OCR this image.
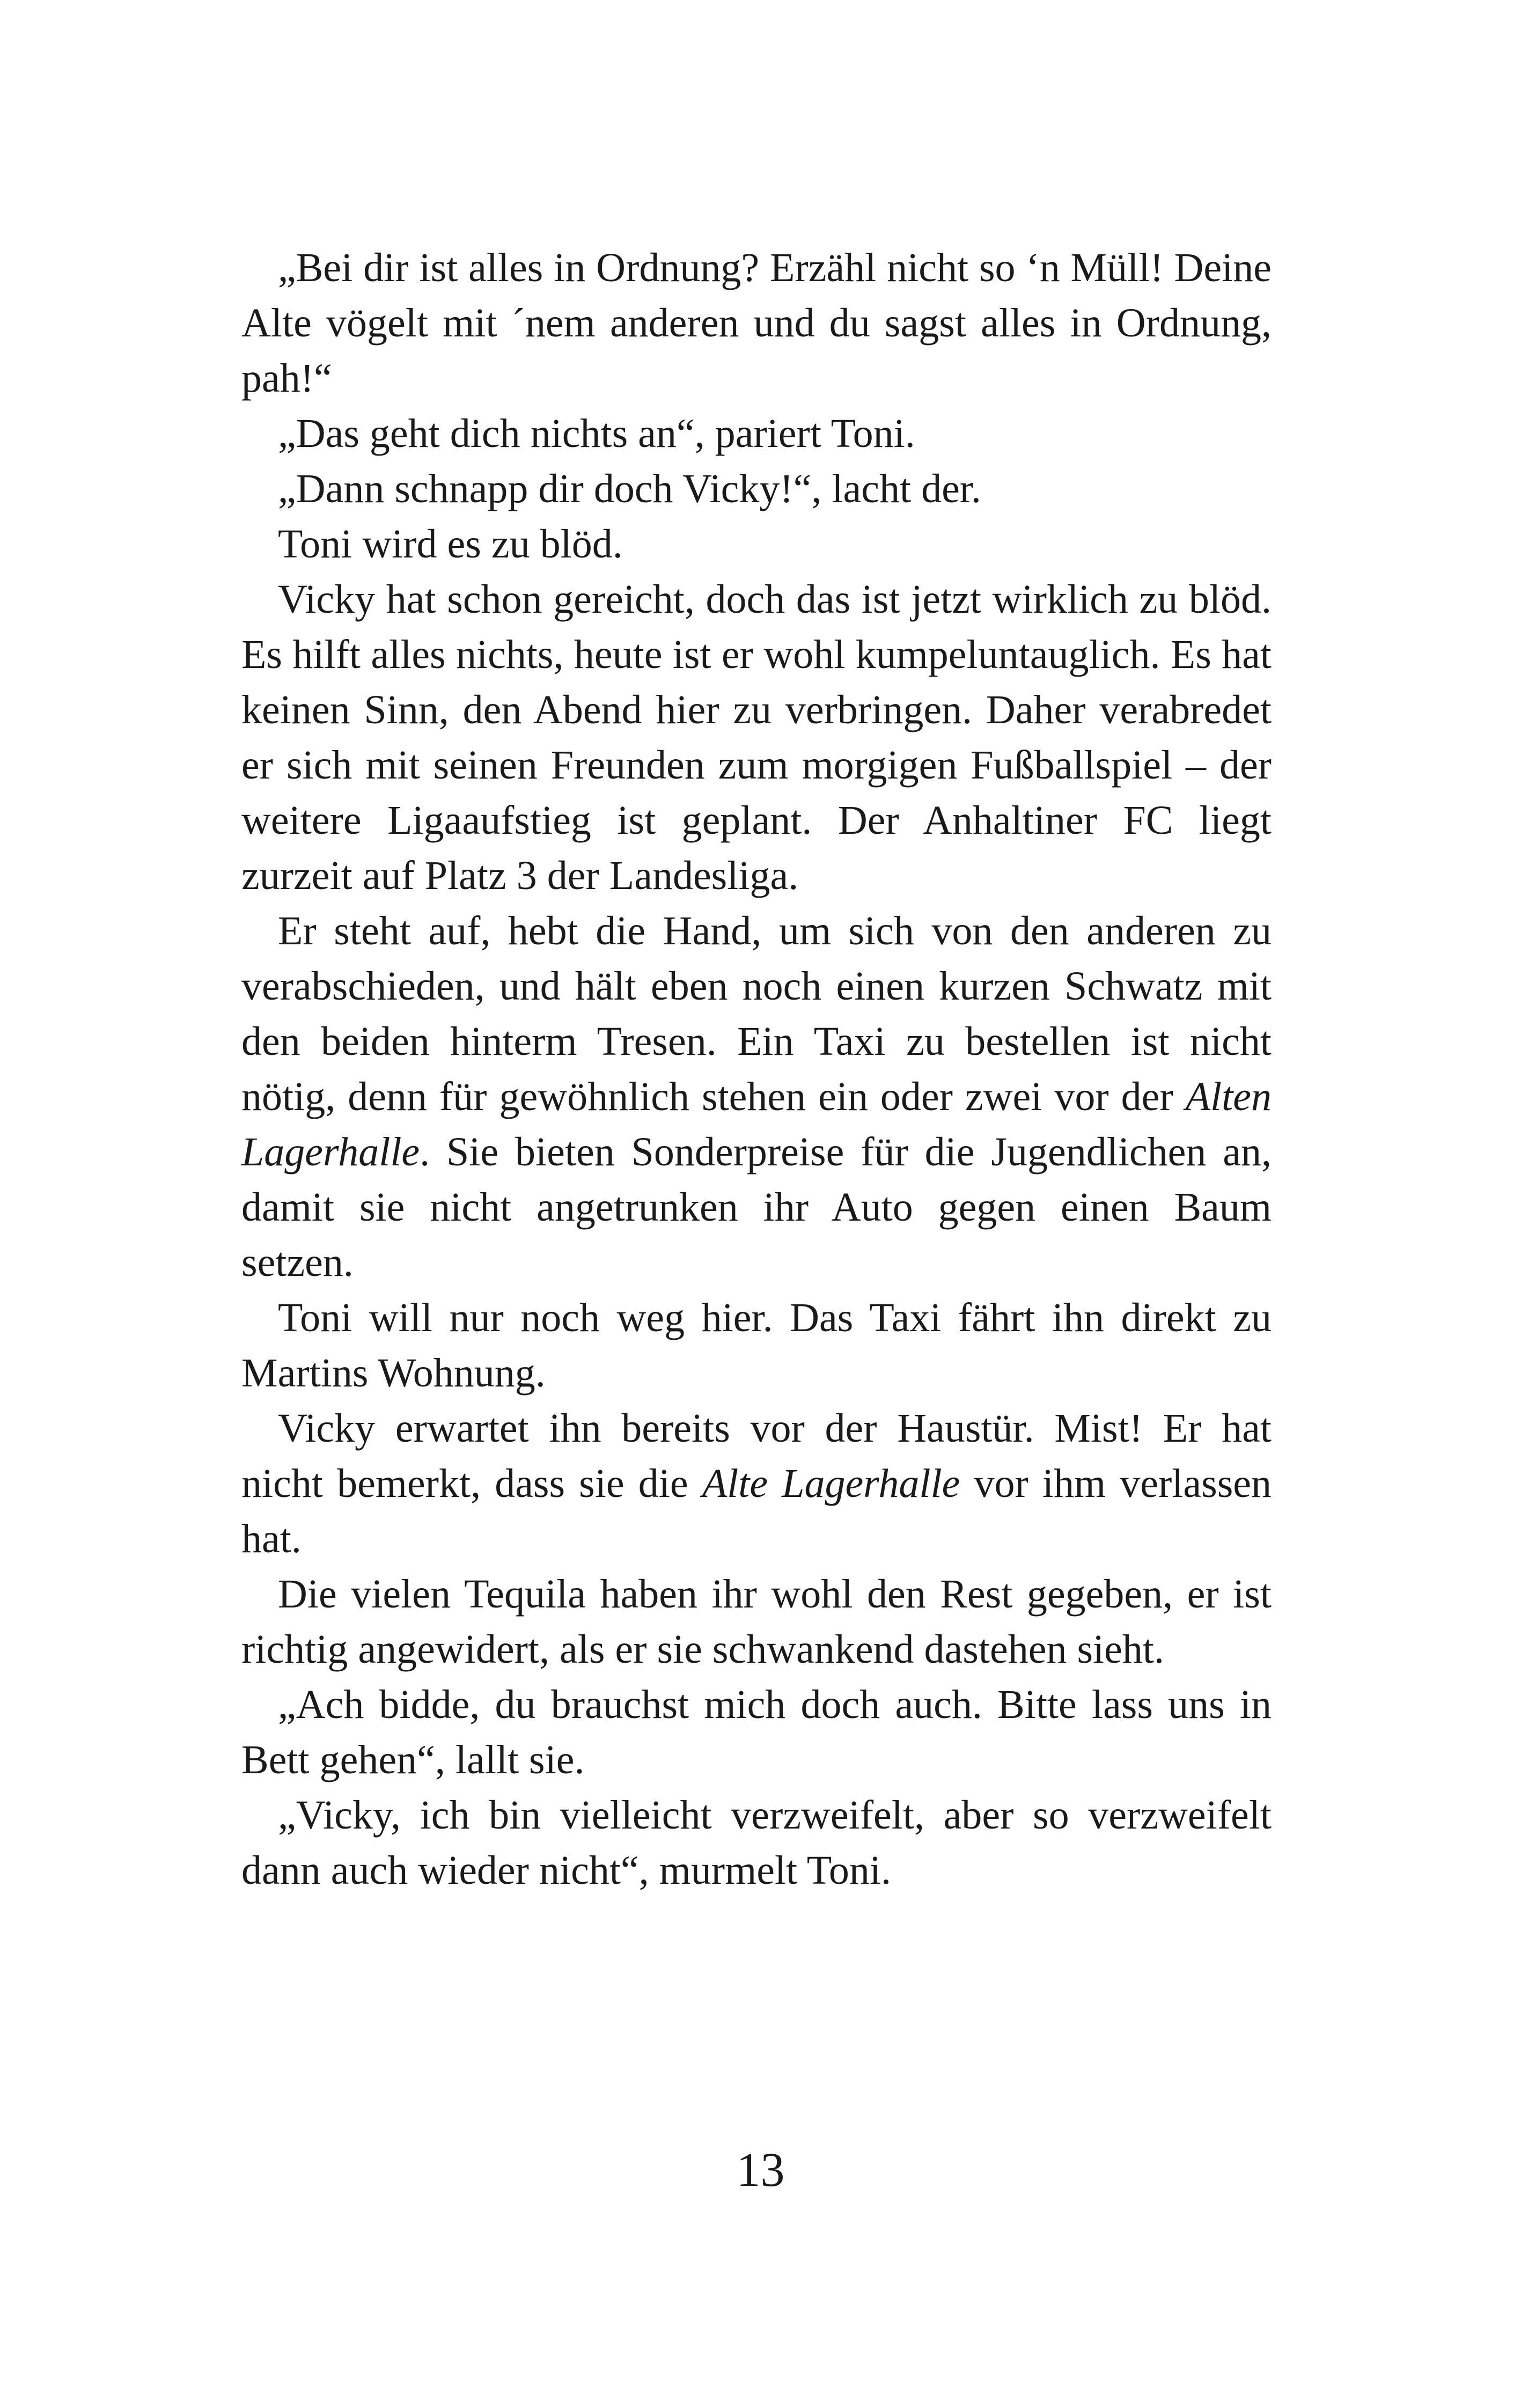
„Bei dir ist alles in Ordnung? Erzähl nicht so ‘n Müll! Deine Alte vögelt mit ´nem anderen und du sagst alles in Ordnung, pah!“

„Das geht dich nichts an“, pariert Toni.

„Dann schnapp dir doch Vicky!“, lacht der.

Toni wird es zu blöd.

Vicky hat schon gereicht, doch das ist jetzt wirklich zu blöd. Es hilft alles nichts, heute ist er wohl kumpeluntauglich. Es hat keinen Sinn, den Abend hier zu verbringen. Daher verabredet er sich mit seinen Freunden zum morgigen Fußballspiel – der weitere Ligaaufstieg ist geplant. Der Anhaltiner FC liegt zurzeit auf Platz 3 der Landesliga.

Er steht auf, hebt die Hand, um sich von den anderen zu verabschieden, und hält eben noch einen kurzen Schwatz mit den beiden hinterm Tresen. Ein Taxi zu bestellen ist nicht nötig, denn für gewöhnlich stehen ein oder zwei vor der Alten Lagerhalle. Sie bieten Sonderpreise für die Jugendlichen an, damit sie nicht angetrunken ihr Auto gegen einen Baum setzen.

Toni will nur noch weg hier. Das Taxi fährt ihn direkt zu Martins Wohnung.

Vicky erwartet ihn bereits vor der Haustür. Mist! Er hat nicht bemerkt, dass sie die Alte Lagerhalle vor ihm verlassen hat.

Die vielen Tequila haben ihr wohl den Rest gegeben, er ist richtig angewidert, als er sie schwankend dastehen sieht.

„Ach bidde, du brauchst mich doch auch. Bitte lass uns in Bett gehen“, lallt sie.

„Vicky, ich bin vielleicht verzweifelt, aber so verzweifelt dann auch wieder nicht“, murmelt Toni.

13
